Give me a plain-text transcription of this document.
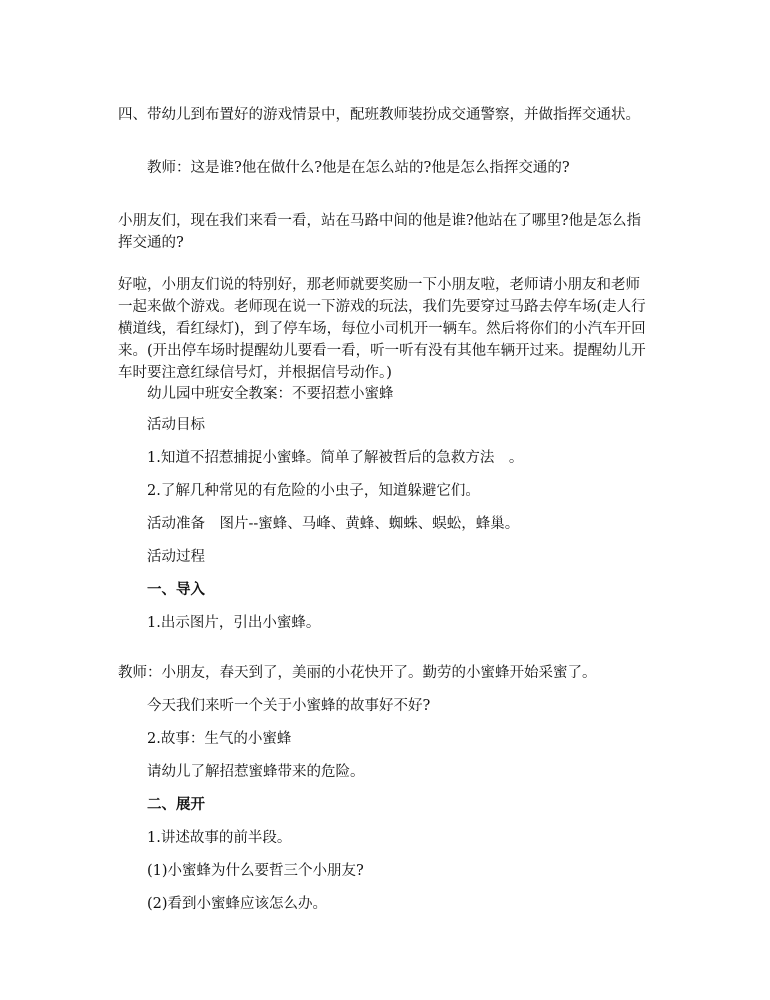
四、带幼儿到布置好的游戏情景中，配班教师装扮成交通警察，并做指挥交通状。

教师：这是谁?他在做什么?他是在怎么站的?他是怎么指挥交通的?

小朋友们，现在我们来看一看，站在马路中间的他是谁?他站在了哪里?他是怎么指挥交通的?

好啦，小朋友们说的特别好，那老师就要奖励一下小朋友啦，老师请小朋友和老师一起来做个游戏。老师现在说一下游戏的玩法，我们先要穿过马路去停车场(走人行横道线，看红绿灯)，到了停车场，每位小司机开一辆车。然后将你们的小汽车开回来。(开出停车场时提醒幼儿要看一看，听一听有没有其他车辆开过来。提醒幼儿开车时要注意红绿信号灯，并根据信号动作。)

幼儿园中班安全教案：不要招惹小蜜蜂

活动目标

1.知道不招惹捕捉小蜜蜂。简单了解被哲后的急救方法　。

2.了解几种常见的有危险的小虫子，知道躲避它们。

活动准备　图片--蜜蜂、马峰、黄蜂、蜘蛛、蜈蚣，蜂巢。

活动过程

一、导入

1.出示图片，引出小蜜蜂。

教师：小朋友，春天到了，美丽的小花快开了。勤劳的小蜜蜂开始采蜜了。

今天我们来听一个关于小蜜蜂的故事好不好?

2.故事：生气的小蜜蜂

请幼儿了解招惹蜜蜂带来的危险。

二、展开

1.讲述故事的前半段。

(1)小蜜蜂为什么要哲三个小朋友?

(2)看到小蜜蜂应该怎么办。
